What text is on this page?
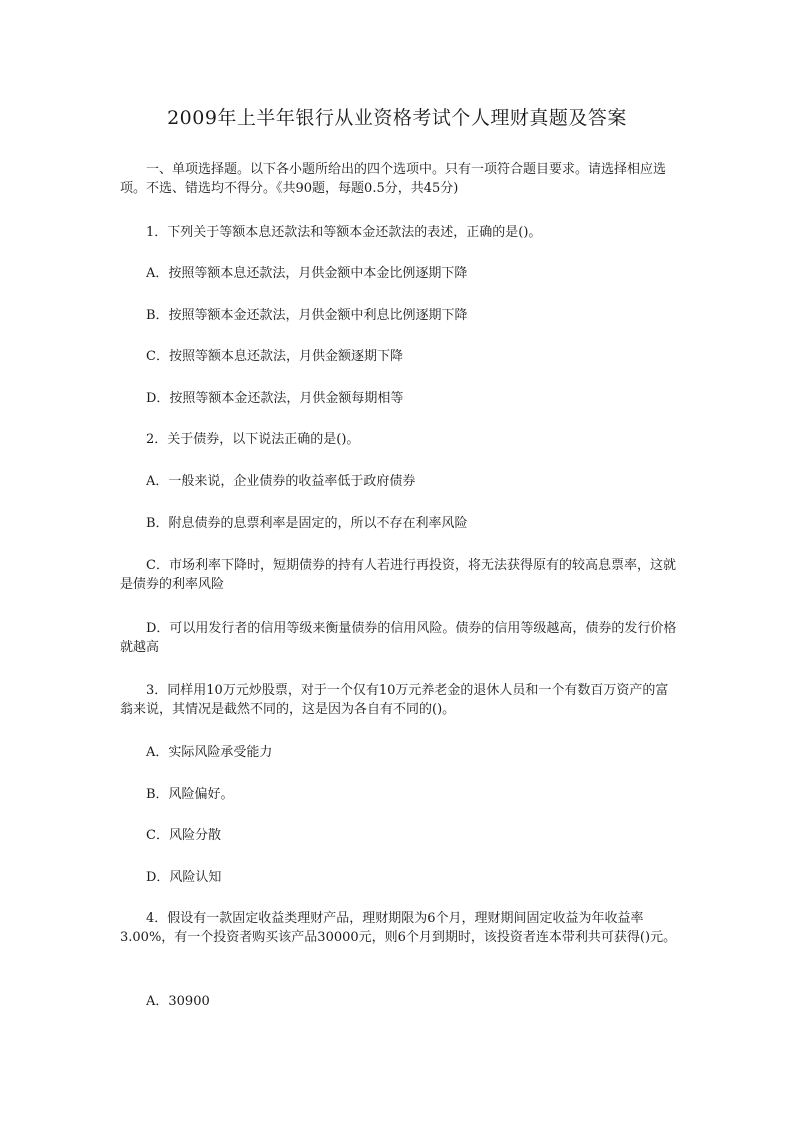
2009年上半年银行从业资格考试个人理财真题及答案

一、单项选择题。以下各小题所给出的四个选项中。只有一项符合题目要求。请选择相应选项。不选、错选均不得分。《共90题，每题0.5分，共45分)

1．下列关于等额本息还款法和等额本金还款法的表述，正确的是()。

A．按照等额本息还款法，月供金额中本金比例逐期下降
B．按照等额本金还款法，月供金额中利息比例逐期下降
C．按照等额本息还款法，月供金额逐期下降
D．按照等额本金还款法，月供金额每期相等

2．关于债券，以下说法正确的是()。

A．一般来说，企业债券的收益率低于政府债券
B．附息债券的息票利率是固定的，所以不存在利率风险

C．市场利率下降时，短期债券的持有人若进行再投资，将无法获得原有的较高息票率，这就是债券的利率风险

D．可以用发行者的信用等级来衡量债券的信用风险。债券的信用等级越高，债券的发行价格就越高

3．同样用10万元炒股票，对于一个仅有10万元养老金的退休人员和一个有数百万资产的富翁来说，其情况是截然不同的，这是因为各自有不同的()。

A．实际风险承受能力
B．风险偏好。
C．风险分散
D．风险认知

4．假设有一款固定收益类理财产品，理财期限为6个月，理财期间固定收益为年收益率3.00%，有一个投资者购买该产品30000元，则6个月到期时，该投资者连本带利共可获得()元。

A．30900
